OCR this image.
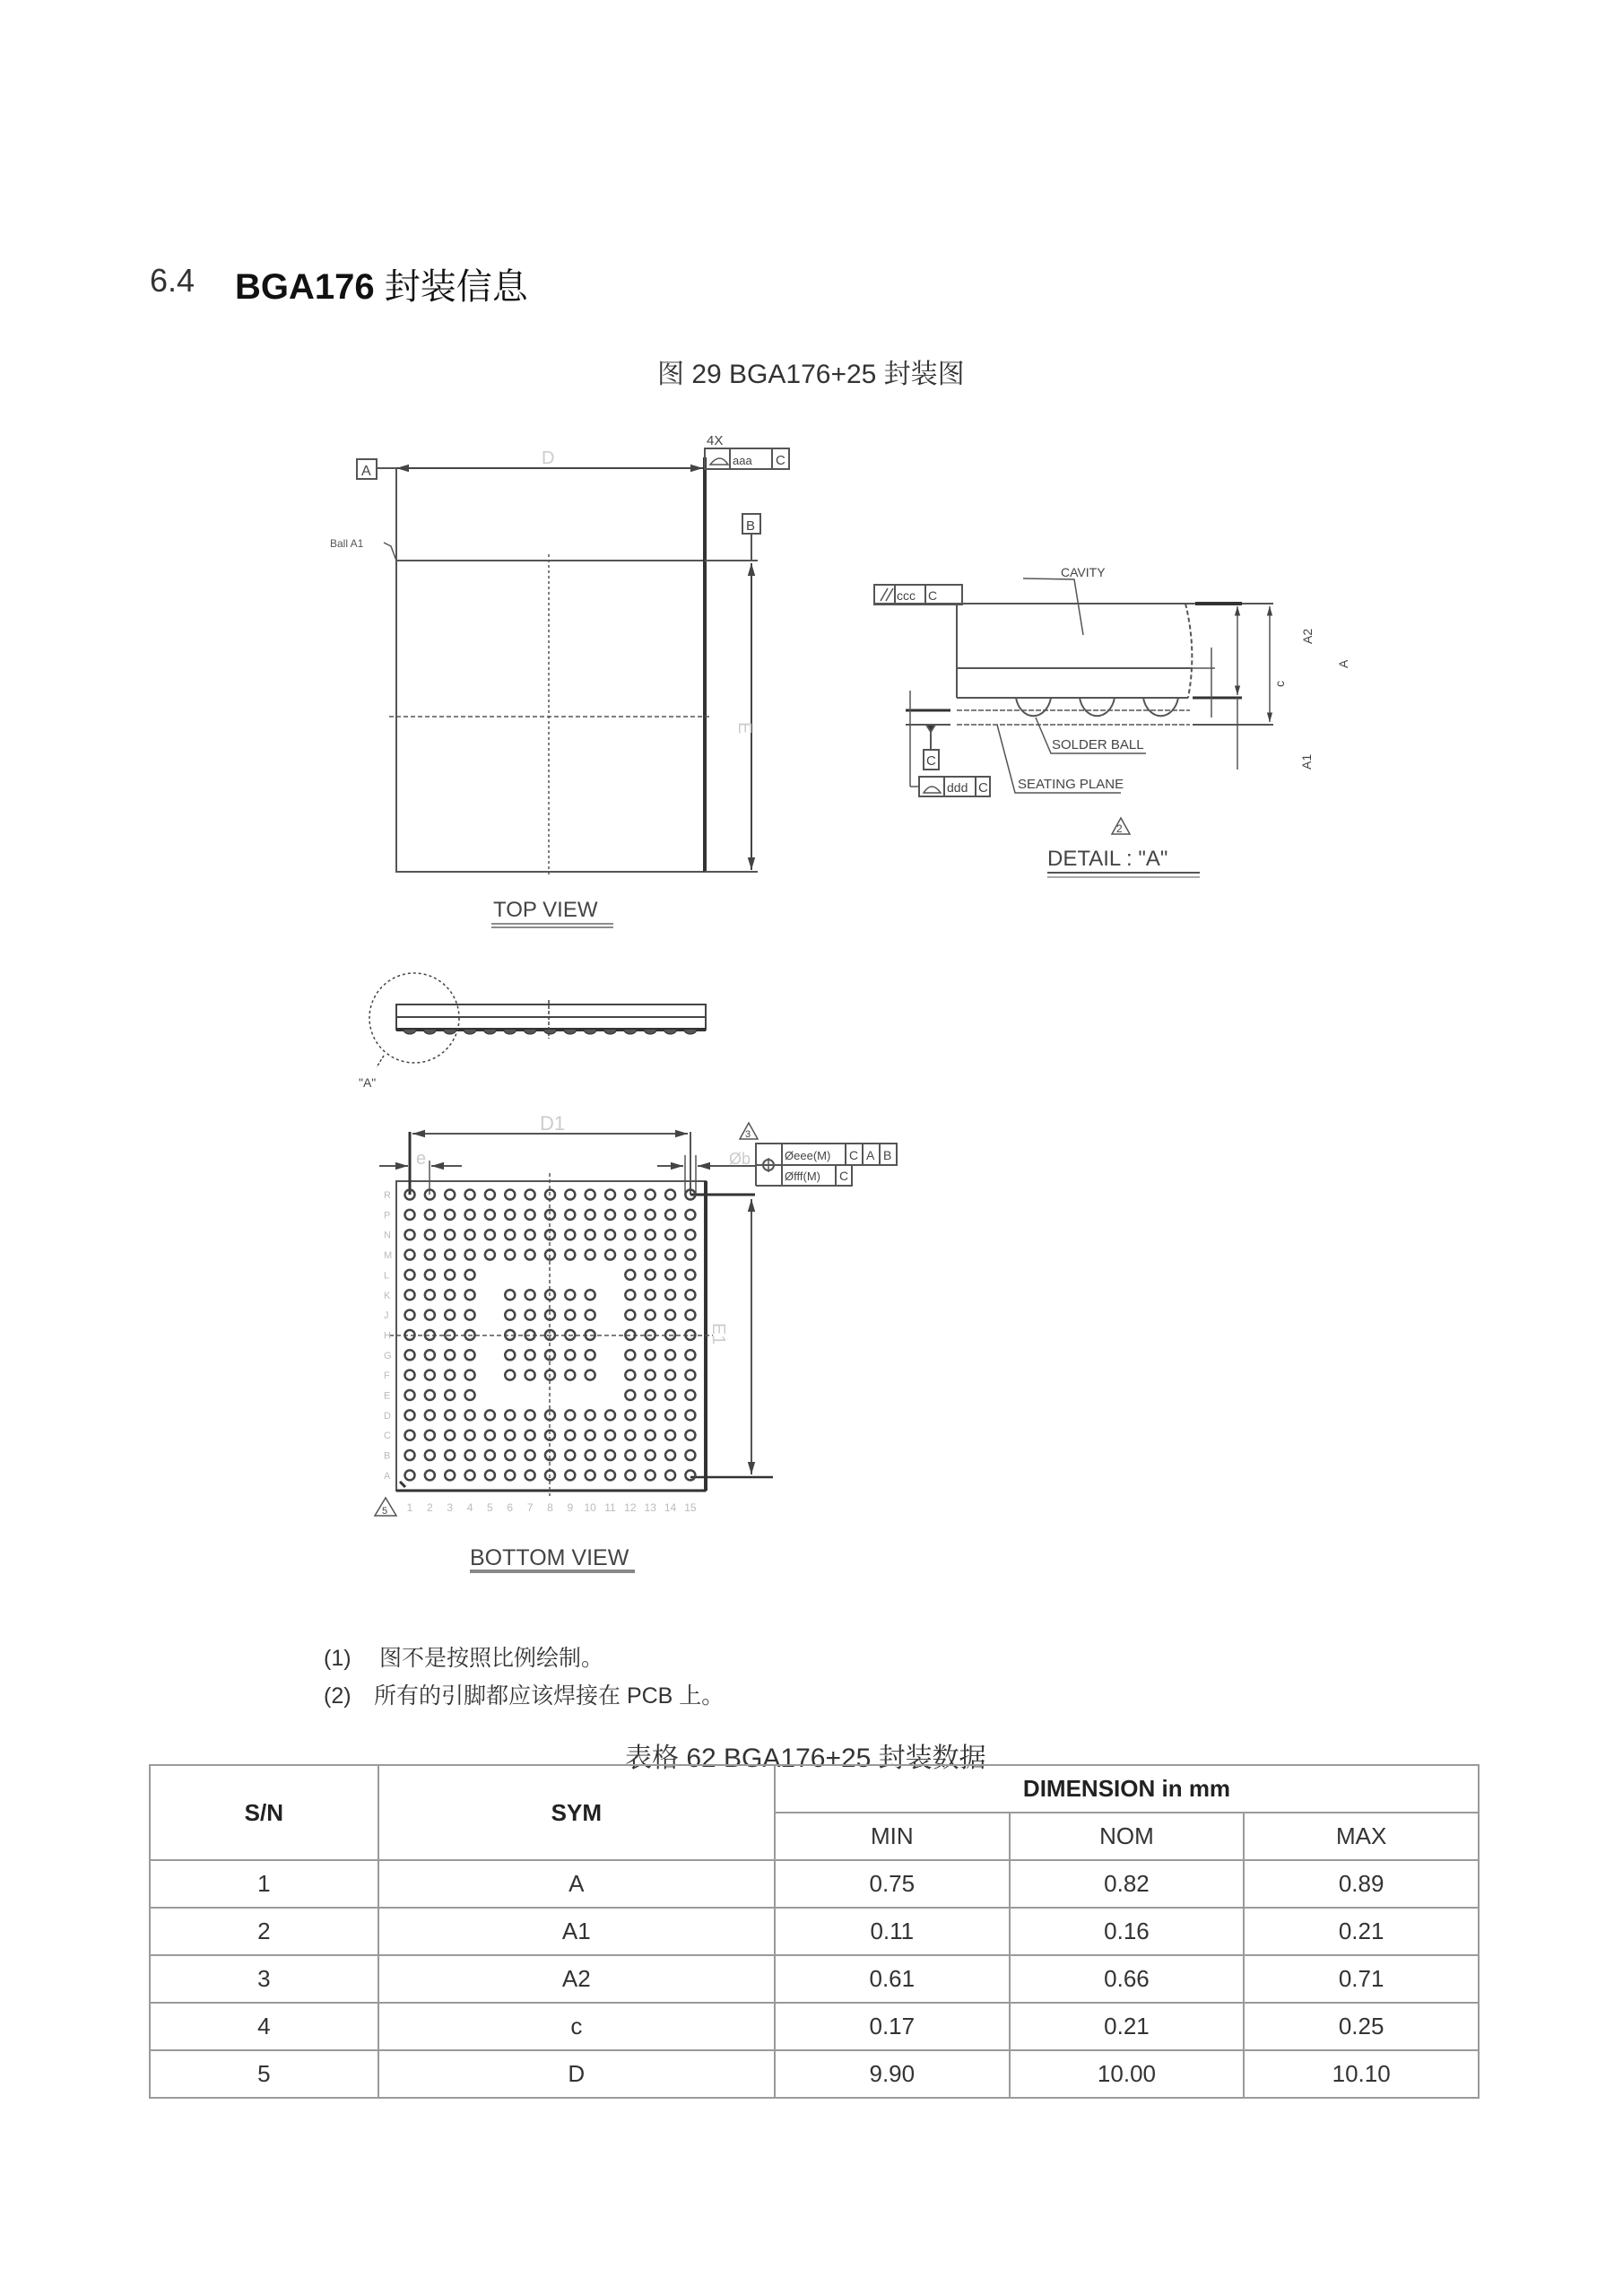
6.4 BGA176 封装信息
图 29 BGA176+25 封装图
D
E
A
B
Ball A1
4X
aaa C
TOP VIEW
"A"
CAVITY
ccc C
SOLDER BALL
SEATING PLANE
C
ddd C
2
DETAIL : "A"
A2
A
A1
c
R
P
N
M
L
K
J
H
G
F
E
D
C
B
A
1 2 3 4 5 6 7 8 9 10 11 12 13 14 15
D1
e	Øb
E1
3
5
Øeee(M) C A B
Øfff(M) C
BOTTOM VIEW
(1) 图不是按照比例绘制。
(2) 所有的引脚都应该焊接在 PCB 上。
表格 62 BGA176+25 封装数据
S/N	SYM	DIMENSION in mm		
		MIN	NOM	MAX
1	A	0.75	0.82	0.89
2	A1	0.11	0.16	0.21
3	A2	0.61	0.66	0.71
4	c	0.17	0.21	0.25
5	D	9.90	10.00	10.10
